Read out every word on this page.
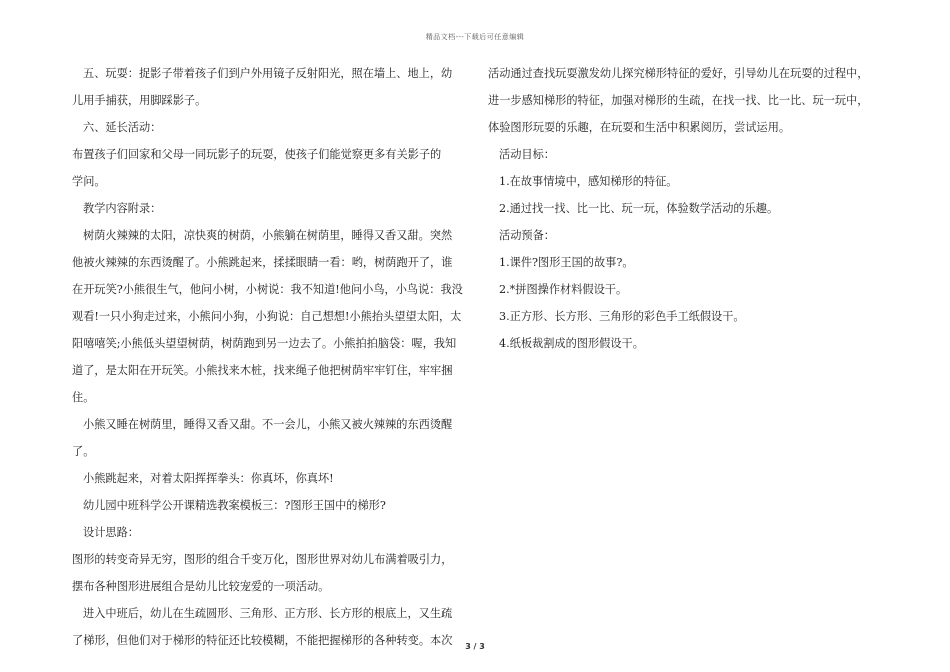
精品文档---下载后可任意编辑

五、玩耍：捉影子带着孩子们到户外用镜子反射阳光，照在墙上、地上，幼

儿用手捕获，用脚踩影子。

六、延长活动：

布置孩子们回家和父母一同玩影子的玩耍，使孩子们能觉察更多有关影子的

学问。

教学内容附录：

树荫火辣辣的太阳，凉快爽的树荫，小熊躺在树荫里，睡得又香又甜。突然

他被火辣辣的东西烫醒了。小熊跳起来，揉揉眼睛一看：哟，树荫跑开了，谁

在开玩笑?小熊很生气，他问小树，小树说：我不知道!他问小鸟，小鸟说：我没

观看!一只小狗走过来，小熊问小狗，小狗说：自己想想!小熊抬头望望太阳，太

阳嘻嘻笑;小熊低头望望树荫，树荫跑到另一边去了。小熊拍拍脑袋：喔，我知

道了，是太阳在开玩笑。小熊找来木桩，找来绳子他把树荫牢牢钉住，牢牢捆

住。

小熊又睡在树荫里，睡得又香又甜。不一会儿，小熊又被火辣辣的东西烫醒

了。

小熊跳起来，对着太阳挥挥拳头：你真坏，你真坏!

幼儿园中班科学公开课精选教案模板三：?图形王国中的梯形?

设计思路：

图形的转变奇异无穷，图形的组合千变万化，图形世界对幼儿布满着吸引力，

摆布各种图形进展组合是幼儿比较宠爱的一项活动。

进入中班后，幼儿在生疏圆形、三角形、正方形、长方形的根底上，又生疏

了梯形，但他们对于梯形的特征还比较模糊，不能把握梯形的各种转变。本次

活动通过查找玩耍激发幼儿探究梯形特征的爱好，引导幼儿在玩耍的过程中，

进一步感知梯形的特征，加强对梯形的生疏，在找一找、比一比、玩一玩中，

体验图形玩耍的乐趣，在玩耍和生活中积累阅历，尝试运用。

活动目标：

1.在故事情境中，感知梯形的特征。

2.通过找一找、比一比、玩一玩，体验数学活动的乐趣。

活动预备：

1.课件?图形王国的故事?。

2.*拼图操作材料假设干。

3.正方形、长方形、三角形的彩色手工纸假设干。

4.纸板裁割成的图形假设干。

3 / 3
